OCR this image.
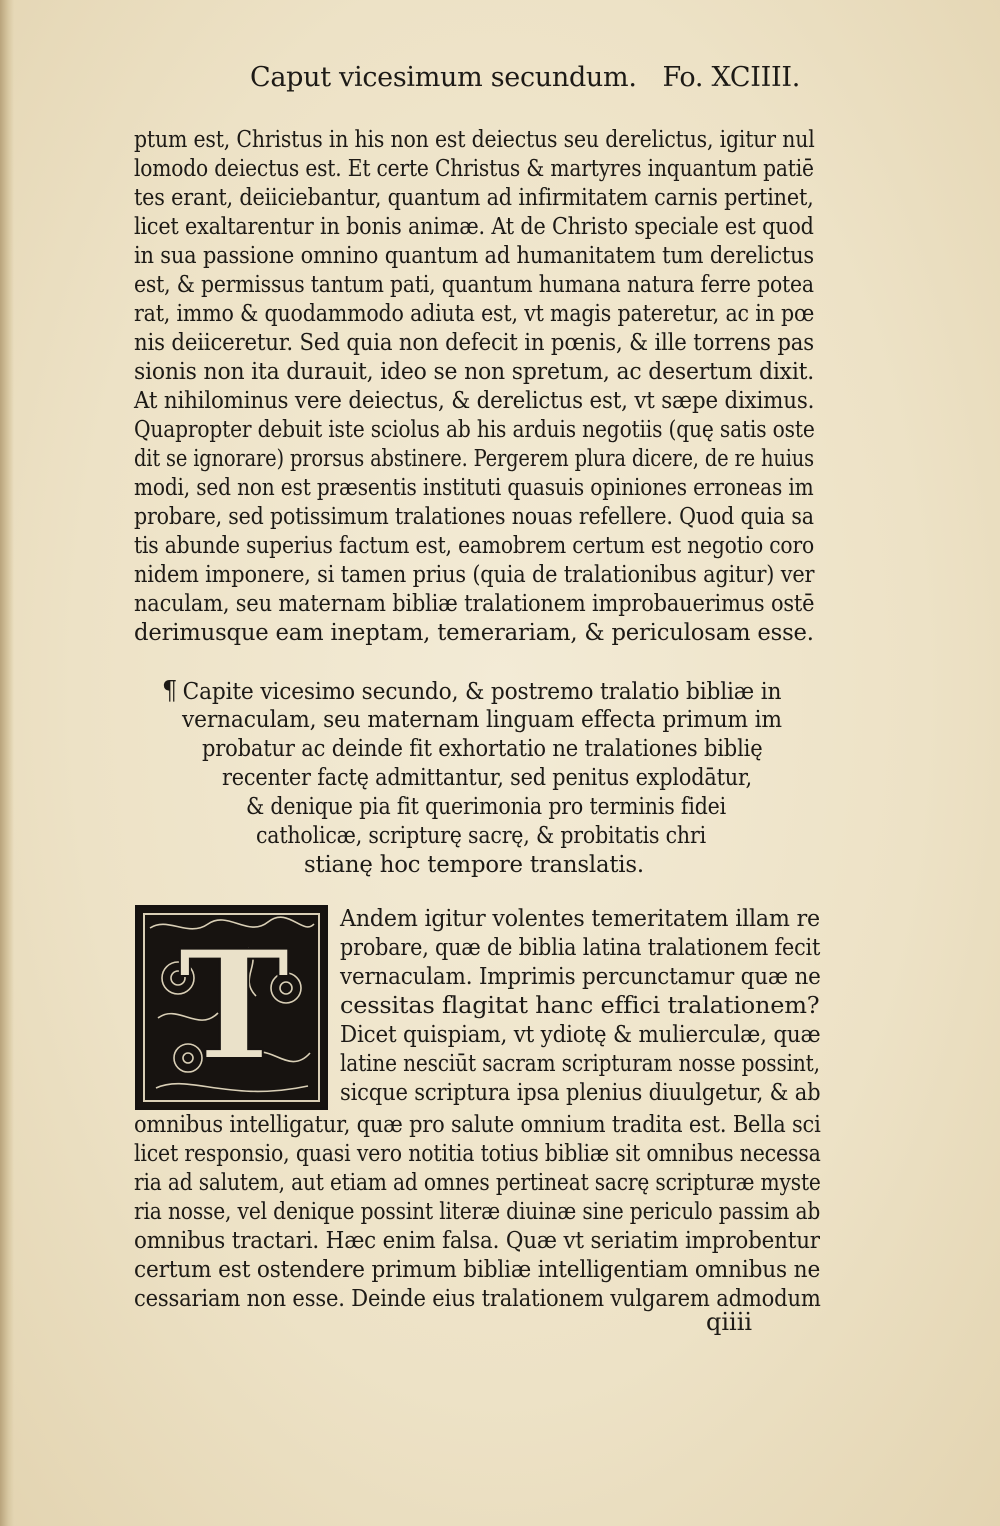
Caput vicesimum secundum. Fo. XCIIII.
ptum est, Christus in his non est deiectus seu derelictus, igitur nul
lomodo deiectus est. Et certe Christus & martyres inquantum patiē
tes erant, deiiciebantur, quantum ad infirmitatem carnis pertinet,
licet exaltarentur in bonis animæ. At de Christo speciale est quod
in sua passione omnino quantum ad humanitatem tum derelictus
est, & permissus tantum pati, quantum humana natura ferre potea
rat, immo & quodammodo adiuta est, vt magis pateretur, ac in pœ
nis deiiceretur. Sed quia non defecit in pœnis, & ille torrens pas
sionis non ita durauit, ideo se non spretum, ac desertum dixit.
At nihilominus vere deiectus, & derelictus est, vt sæpe diximus.
Quapropter debuit iste sciolus ab his arduis negotiis (quę satis oste
dit se ignorare) prorsus abstinere. Pergerem plura dicere, de re huius
modi, sed non est præsentis instituti quasuis opiniones erroneas im
probare, sed potissimum tralationes nouas refellere. Quod quia sa
tis abunde superius factum est, eamobrem certum est negotio coro
nidem imponere, si tamen prius (quia de tralationibus agitur) ver
naculam, seu maternam bibliæ tralationem improbauerimus ostē
derimusque eam ineptam, temerariam, & periculosam esse.
¶ Capite vicesimo secundo, & postremo tralatio bibliæ in
vernaculam, seu maternam linguam effecta primum im
probatur ac deinde fit exhortatio ne tralationes biblię
recenter factę admittantur, sed penitus explodātur,
& denique pia fit querimonia pro terminis fidei
catholicæ, scripturę sacrę, & probitatis chri
stianę hoc tempore translatis.
T Andem igitur volentes temeritatem illam re
probare, quæ de biblia latina tralationem fecit
vernaculam. Imprimis percunctamur quæ ne
cessitas flagitat hanc effici tralationem?
Dicet quispiam, vt ydiotę & mulierculæ, quæ
latine nesciūt sacram scripturam nosse possint,
sicque scriptura ipsa plenius diuulgetur, & ab
omnibus intelligatur, quæ pro salute omnium tradita est. Bella sci
licet responsio, quasi vero notitia totius bibliæ sit omnibus necessa
ria ad salutem, aut etiam ad omnes pertineat sacrę scripturæ myste
ria nosse, vel denique possint literæ diuinæ sine periculo passim ab
omnibus tractari. Hæc enim falsa. Quæ vt seriatim improbentur
certum est ostendere primum bibliæ intelligentiam omnibus ne
cessariam non esse. Deinde eius tralationem vulgarem admodum
qiiii
